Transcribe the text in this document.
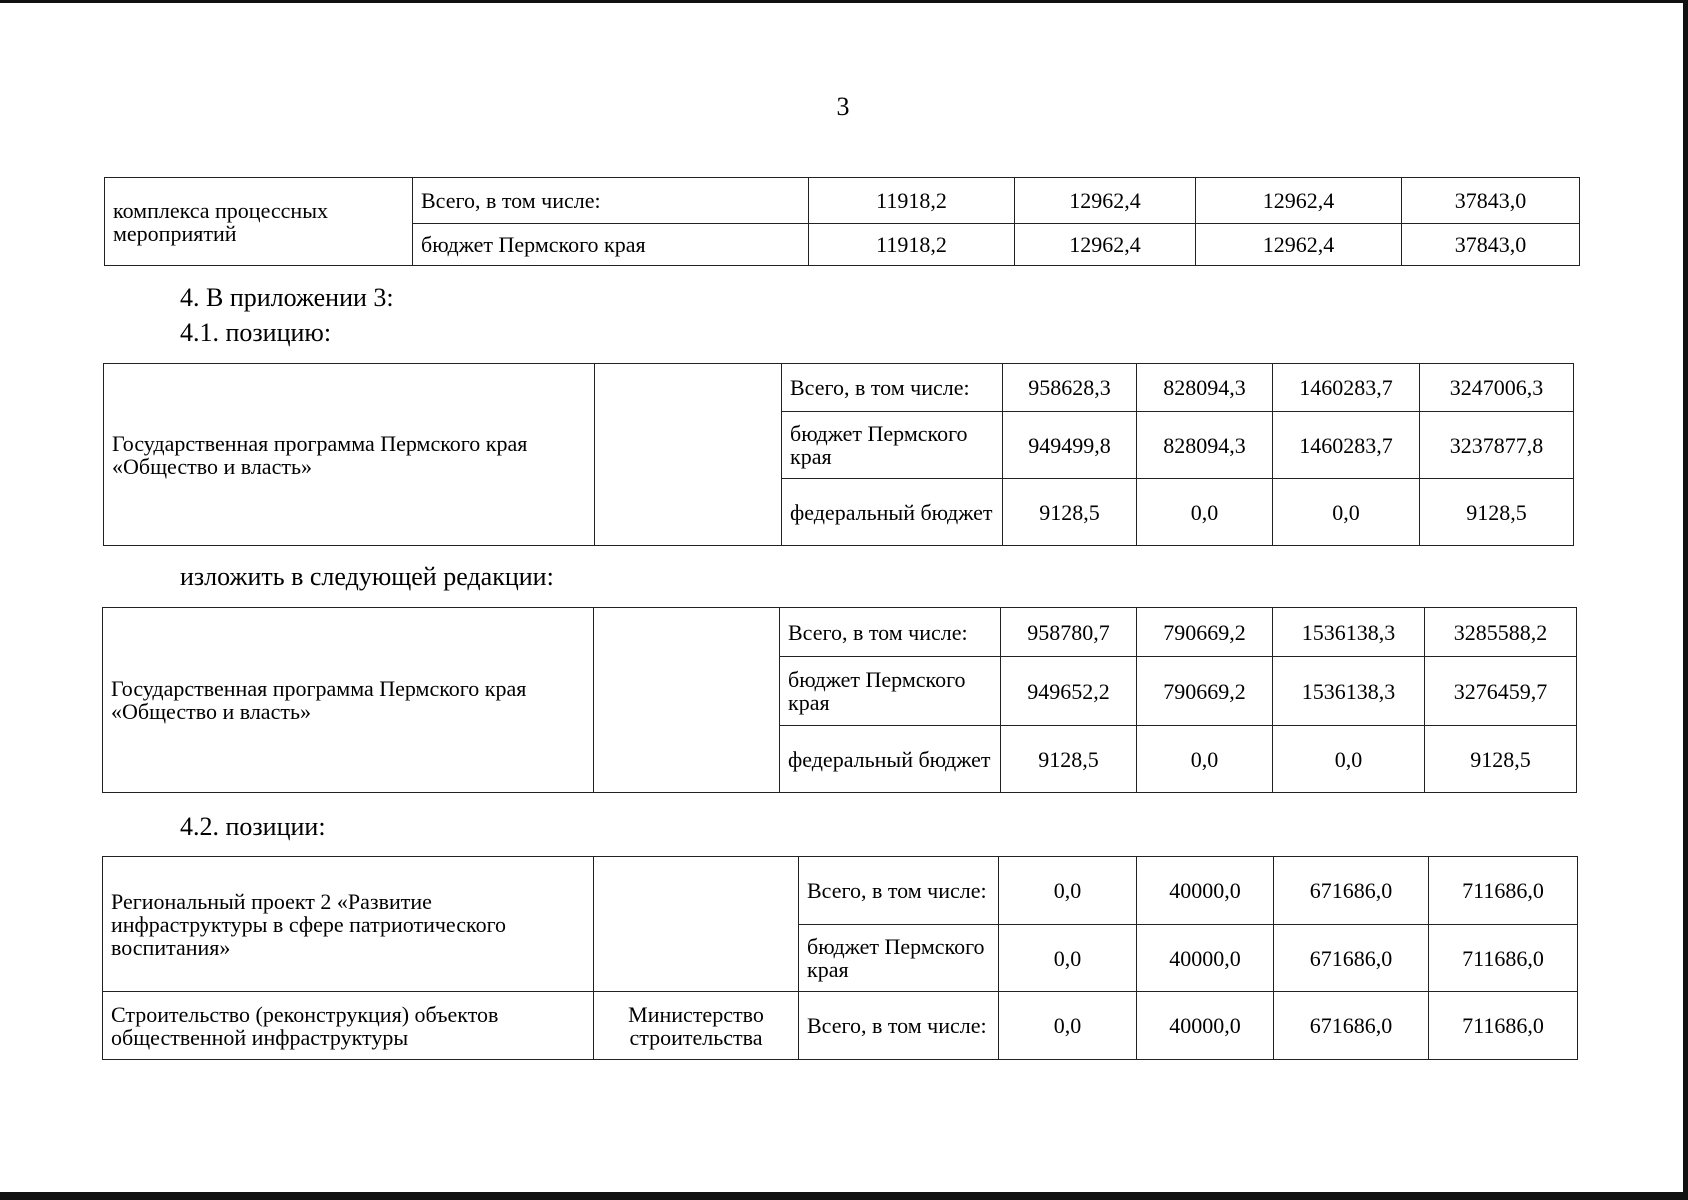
3
комплекса процессных мероприятий	Всего, в том числе:	11918,2	12962,4	12962,4	37843,0
	бюджет Пермского края	11918,2	12962,4	12962,4	37843,0
4. В приложении 3:
4.1. позицию:
Государственная программа Пермского края «Общество и власть»		Всего, в том числе:	958628,3	828094,3	1460283,7	3247006,3
		бюджет Пермского края	949499,8	828094,3	1460283,7	3237877,8
		федеральный бюджет	9128,5	0,0	0,0	9128,5
изложить в следующей редакции:
Государственная программа Пермского края «Общество и власть»		Всего, в том числе:	958780,7	790669,2	1536138,3	3285588,2
		бюджет Пермского края	949652,2	790669,2	1536138,3	3276459,7
		федеральный бюджет	9128,5	0,0	0,0	9128,5
4.2. позиции:
Региональный проект 2 «Развитие инфраструктуры в сфере патриотического воспитания»		Всего, в том числе:	0,0	40000,0	671686,0	711686,0
		бюджет Пермского края	0,0	40000,0	671686,0	711686,0
Строительство (реконструкция) объектов общественной инфраструктуры	Министерство строительства	Всего, в том числе:	0,0	40000,0	671686,0	711686,0
